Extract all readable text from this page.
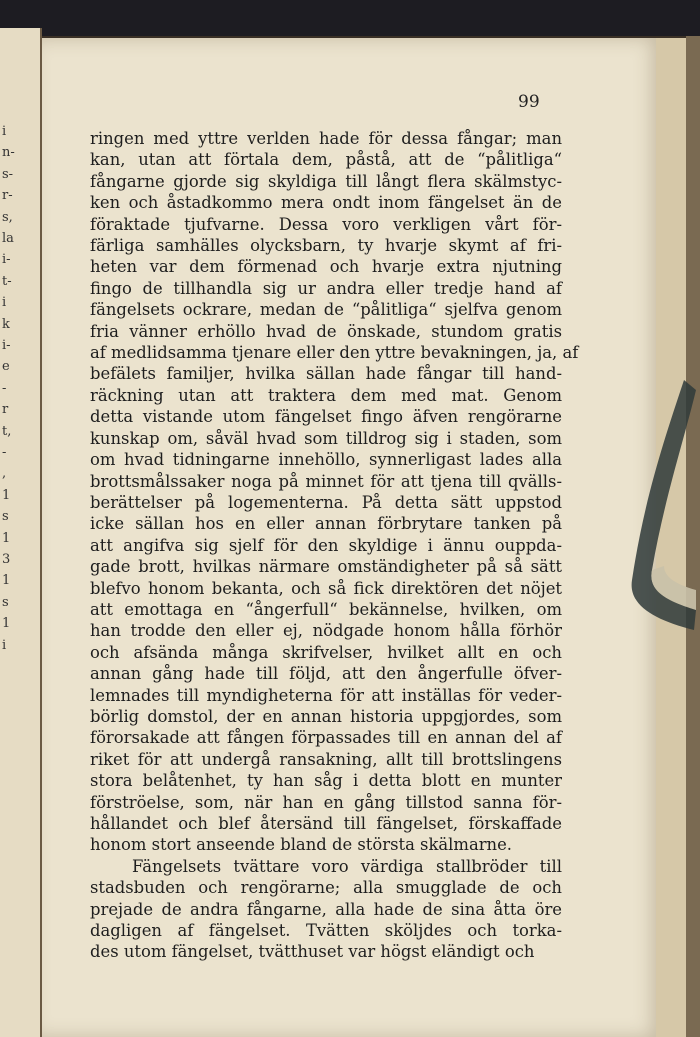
i
n-
s-
r-
s,
la
i-
t-
i
k
i-
e
-
r
t,
-
,
1
s
1
3
1
s
1
i
99
ringen med yttre verlden hade för dessa fångar; man
kan, utan att förtala dem, påstå, att de “pålitliga“
fångarne gjorde sig skyldiga till långt flera skälmstyc-
ken och åstadkommo mera ondt inom fängelset än de
föraktade tjufvarne. Dessa voro verkligen vårt för-
färliga samhälles olycksbarn, ty hvarje skymt af fri-
heten var dem förmenad och hvarje extra njutning
fingo de tillhandla sig ur andra eller tredje hand af
fängelsets ockrare, medan de “pålitliga“ sjelfva genom
fria vänner erhöllo hvad de önskade, stundom gratis
af medlidsamma tjenare eller den yttre bevakningen, ja, af
befälets familjer, hvilka sällan hade fångar till hand-
räckning utan att traktera dem med mat. Genom
detta vistande utom fängelset fingo äfven rengörarne
kunskap om, såväl hvad som tilldrog sig i staden, som
om hvad tidningarne innehöllo, synnerligast lades alla
brottsmålssaker noga på minnet för att tjena till qvälls-
berättelser på logementerna. På detta sätt uppstod
icke sällan hos en eller annan förbrytare tanken på
att angifva sig sjelf för den skyldige i ännu ouppda-
gade brott, hvilkas närmare omständigheter på så sätt
blefvo honom bekanta, och så fick direktören det nöjet
att emottaga en “ångerfull“ bekännelse, hvilken, om
han trodde den eller ej, nödgade honom hålla förhör
och afsända många skrifvelser, hvilket allt en och
annan gång hade till följd, att den ångerfulle öfver-
lemnades till myndigheterna för att inställas för veder-
börlig domstol, der en annan historia uppgjordes, som
förorsakade att fången förpassades till en annan del af
riket för att undergå ransakning, allt till brottslingens
stora belåtenhet, ty han såg i detta blott en munter
förströelse, som, när han en gång tillstod sanna för-
hållandet och blef återsänd till fängelset, förskaffade
honom stort anseende bland de största skälmarne.
Fängelsets tvättare voro värdiga stallbröder till
stadsbuden och rengörarne; alla smugglade de och
prejade de andra fångarne, alla hade de sina åtta öre
dagligen af fängelset. Tvätten sköljdes och torka-
des utom fängelset, tvätthuset var högst eländigt och
